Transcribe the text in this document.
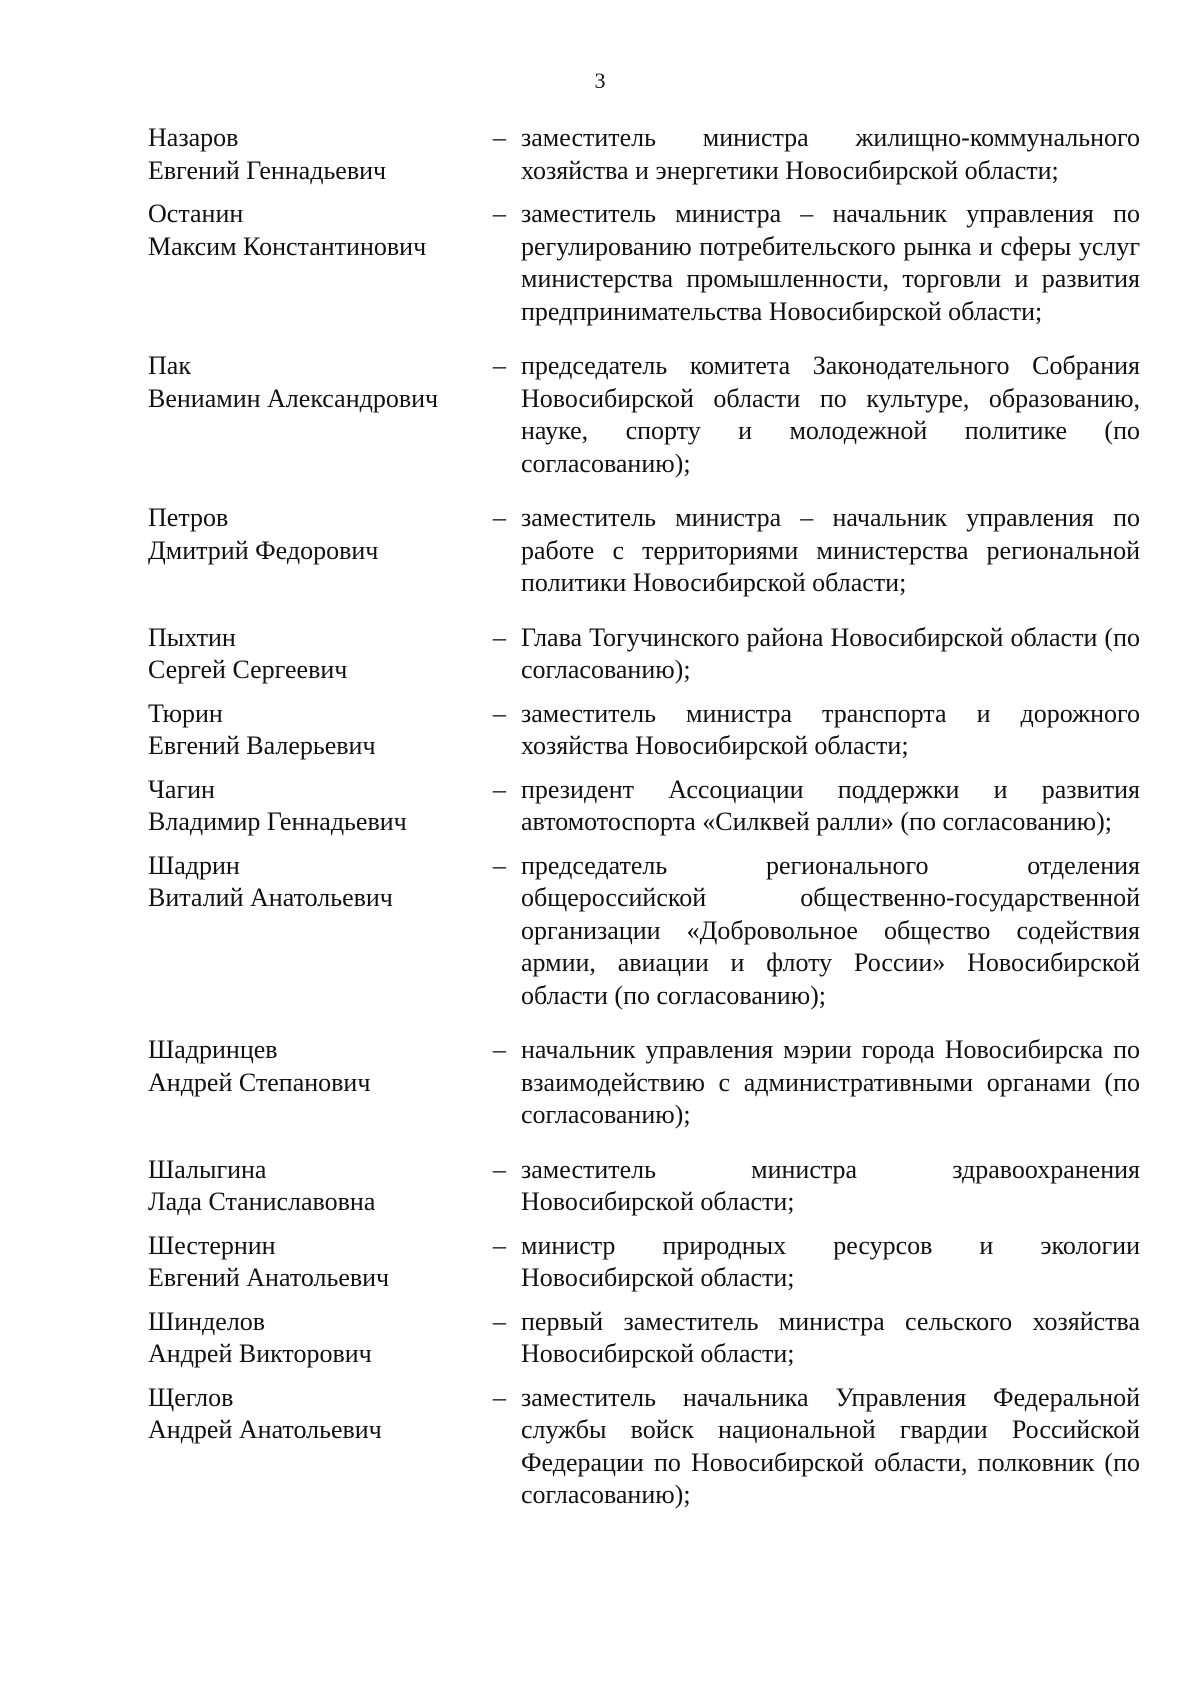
3
Назаров
Евгений Геннадьевич
– заместитель министра жилищно-коммунального хозяйства и энергетики Новосибирской области;
Останин
Максим Константинович
– заместитель министра – начальник управления по регулированию потребительского рынка и сферы услуг министерства промышленности, торговли и развития предпринимательства Новосибирской области;
Пак
Вениамин Александрович
– председатель комитета Законодательного Собрания Новосибирской области по культуре, образованию, науке, спорту и молодежной политике (по согласованию);
Петров
Дмитрий Федорович
– заместитель министра – начальник управления по работе с территориями министерства региональной политики Новосибирской области;
Пыхтин
Сергей Сергеевич
– Глава Тогучинского района Новосибирской области (по согласованию);
Тюрин
Евгений Валерьевич
– заместитель министра транспорта и дорожного хозяйства Новосибирской области;
Чагин
Владимир Геннадьевич
– президент Ассоциации поддержки и развития автомотоспорта «Силквей ралли» (по согласованию);
Шадрин
Виталий Анатольевич
– председатель регионального отделения общероссийской общественно-государственной организации «Добровольное общество содействия армии, авиации и флоту России» Новосибирской области (по согласованию);
Шадринцев
Андрей Степанович
– начальник управления мэрии города Новосибирска по взаимодействию с административными органами (по согласованию);
Шалыгина
Лада Станиславовна
– заместитель министра здравоохранения Новосибирской области;
Шестернин
Евгений Анатольевич
– министр природных ресурсов и экологии Новосибирской области;
Шинделов
Андрей Викторович
– первый заместитель министра сельского хозяйства Новосибирской области;
Щеглов
Андрей Анатольевич
– заместитель начальника Управления Федеральной службы войск национальной гвардии Российской Федерации по Новосибирской области, полковник (по согласованию);
